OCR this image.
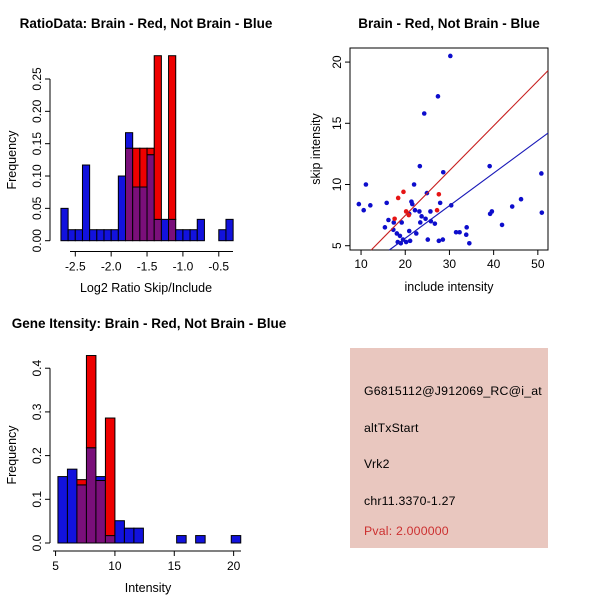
-2.5 -2.0 -1.5 -1.0 -0.5
0.00
0.05
0.10
0.15
0.20
0.25
10	20	30	40	50
5
10
15
20
5	10	15	20
0.0
0.1
0.2
0.3
0.4
RatioData: Brain - Red, Not Brain - Blue
Log2 Ratio Skip/Include
Frequency
Brain - Red, Not Brain - Blue
include intensity
skip intensity
Gene Itensity: Brain - Red, Not Brain - Blue
Intensity
Frequency
G6815112@J912069_RC@i_at
altTxStart
Vrk2
chr11.3370-1.27
Pval: 2.000000
